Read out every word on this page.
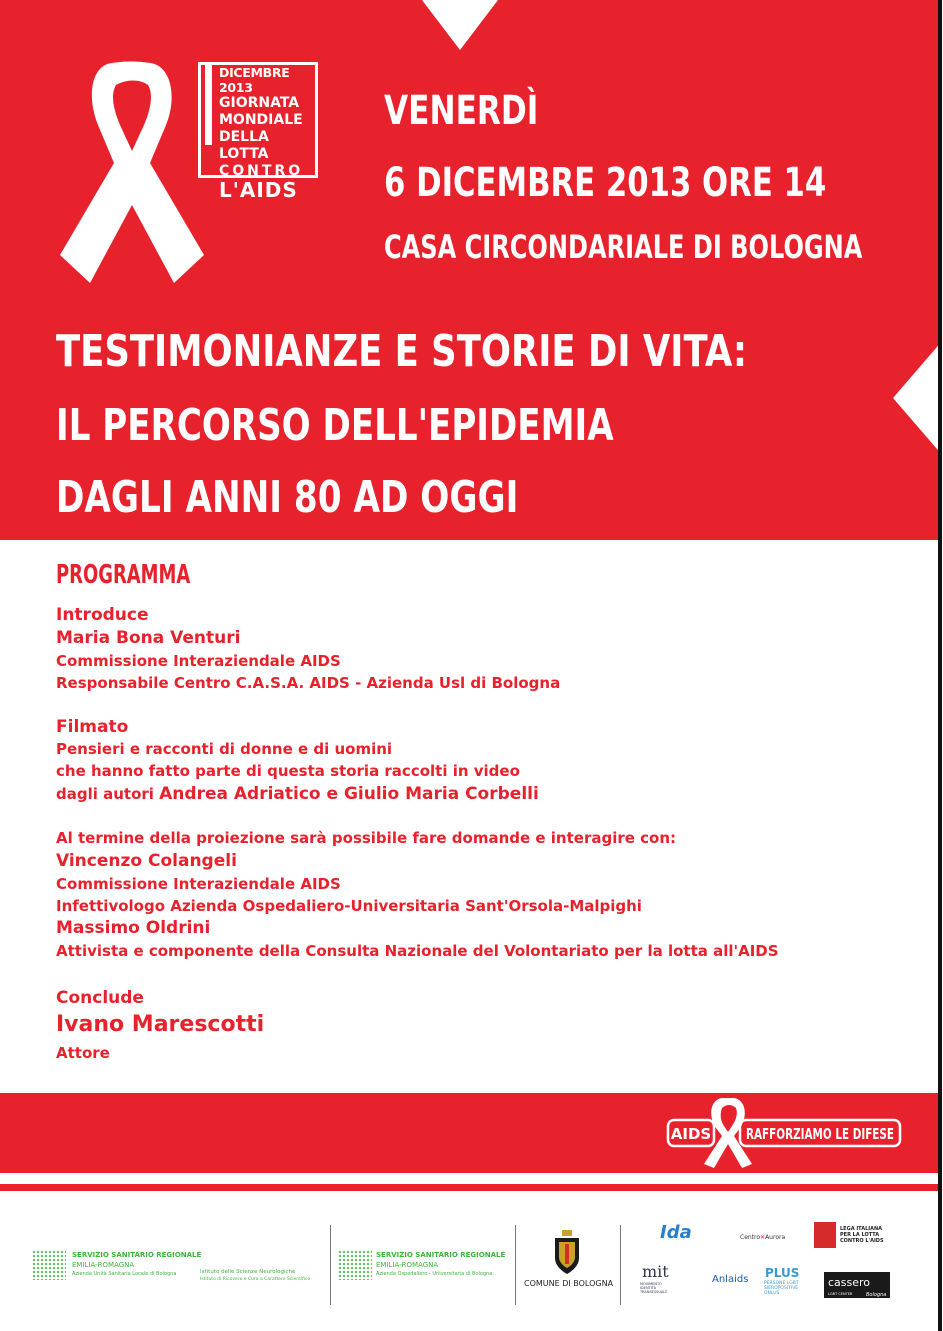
DICEMBRE 2013
GIORNATA
MONDIALE
DELLA LOTTA
CONTRO
L'AIDS
VENERDÌ
6 DICEMBRE 2013 ORE 14
CASA CIRCONDARIALE DI BOLOGNA
TESTIMONIANZE E STORIE DI VITA:
IL PERCORSO DELL'EPIDEMIA
DAGLI ANNI 80 AD OGGI
PROGRAMMA
Introduce
Maria Bona Venturi
Commissione Interaziendale AIDS
Responsabile Centro C.A.S.A. AIDS - Azienda Usl di Bologna
Filmato
Pensieri e racconti di donne e di uomini
che hanno fatto parte di questa storia raccolti in video
dagli autori Andrea Adriatico e Giulio Maria Corbelli
Al termine della proiezione sarà possibile fare domande e interagire con:
Vincenzo Colangeli
Commissione Interaziendale AIDS
Infettivologo Azienda Ospedaliero-Universitaria Sant'Orsola-Malpighi
Massimo Oldrini
Attivista e componente della Consulta Nazionale del Volontariato per la lotta all'AIDS
Conclude
Ivano Marescotti
Attore
AIDS RAFFORZIAMO LE DIFESE
SERVIZIO SANITARIO REGIONALE
EMILIA-ROMAGNA
Azienda Unità Sanitaria Locale di Bologna	Istituto delle Scienze Neurologiche
Istituto di Ricovero e Cura a Carattere Scientifico
SERVIZIO SANITARIO REGIONALE
EMILIA-ROMAGNA
Azienda Ospedaliero - Universitaria di Bologna
COMUNE DI BOLOGNA
Ida	Centro✕Aurora
LEGA ITALIANA
PER LA LOTTA
CONTRO L'AIDS
mit
MOVIMENTO
IDENTITÀ
TRANSESSUALE
Anlaids PLUS
PERSONE LGBT
SIEROPOSITIVE
ONLUS
cassero
LGBT CENTER	Bologna
